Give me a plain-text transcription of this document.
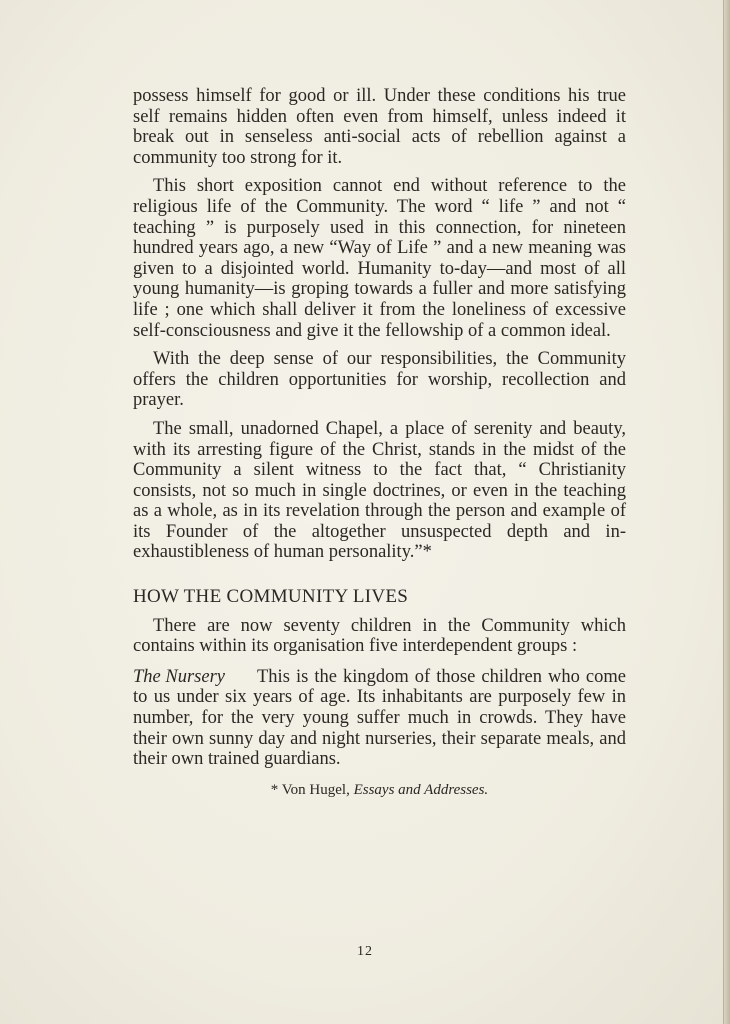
possess himself for good or ill. Under these conditions his true self remains hidden often even from himself, unless indeed it break out in senseless anti-social acts of rebellion against a community too strong for it.

This short exposition cannot end without reference to the religious life of the Community. The word “ life ” and not “ teaching ” is purposely used in this connection, for nineteen hundred years ago, a new “Way of Life ” and a new meaning was given to a disjointed world. Humanity to-day—and most of all young humanity—is groping towards a fuller and more satisfying life ; one which shall deliver it from the loneliness of excessive self-consciousness and give it the fellowship of a common ideal.

With the deep sense of our responsibilities, the Community offers the children opportunities for worship, recollection and prayer.

The small, unadorned Chapel, a place of serenity and beauty, with its arresting figure of the Christ, stands in the midst of the Community a silent witness to the fact that, “ Christianity consists, not so much in single doctrines, or even in the teaching as a whole, as in its revelation through the person and example of its Founder of the altogether unsuspected depth and inexhaustibleness of human personality.”*

HOW THE COMMUNITY LIVES

There are now seventy children in the Community which contains within its organisation five interdependent groups :

The Nursery	This is the kingdom of those children who come to us under six years of age. Its inhabitants are purposely few in number, for the very young suffer much in crowds. They have their own sunny day and night nurseries, their separate meals, and their own trained guardians.

* Von Hugel, Essays and Addresses.
12
